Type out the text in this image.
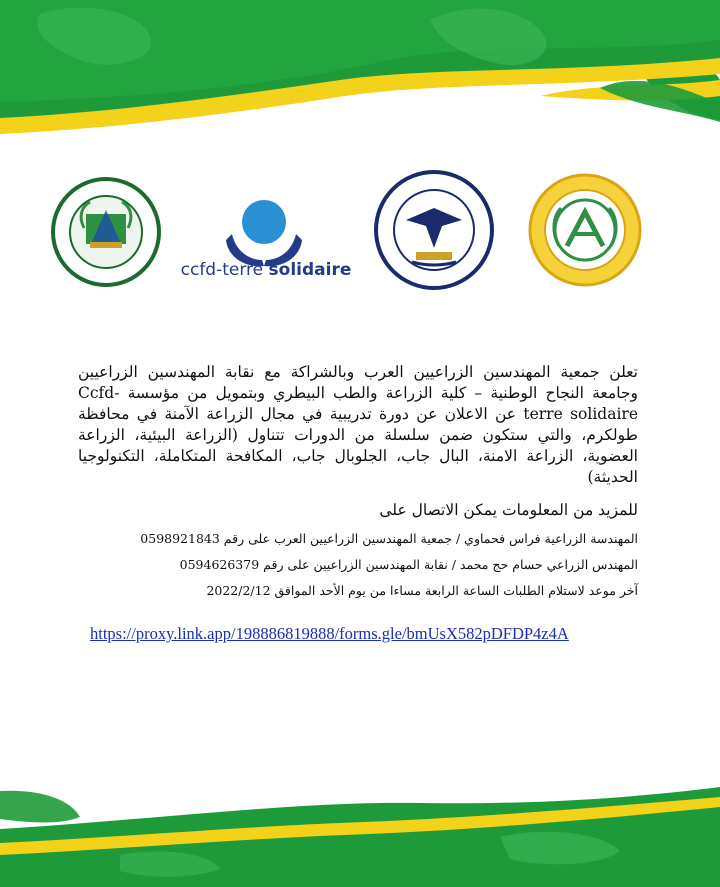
ccfd-terre solidaire

تعلن جمعية المهندسين الزراعيين العرب وبالشراكة مع نقابة المهندسين الزراعيين وجامعة النجاح الوطنية – كلية الزراعة والطب البيطري وبتمويل من مؤسسة Ccfd-terre solidaire عن الاعلان عن دورة تدريبية في مجال الزراعة الآمنة في محافظة طولكرم، والتي ستكون ضمن سلسلة من الدورات تتناول (الزراعة البيئية، الزراعة العضوية، الزراعة الامنة، البال جاب، الجلوبال جاب، المكافحة المتكاملة، التكنولوجيا الحديثة)

للمزيد من المعلومات يمكن الاتصال على

المهندسة الزراعية فراس فحماوي / جمعية المهندسين الزراعيين العرب على رقم 0598921843

المهندس الزراعي حسام حج محمد / نقابة المهندسين الزراعيين على رقم 0594626379

آخر موعد لاستلام الطلبات الساعة الرابعة مساءا من يوم الأحد الموافق 2022/2/12

https://proxy.link.app/198886819888/forms.gle/bmUsX582pDFDP4z4A
